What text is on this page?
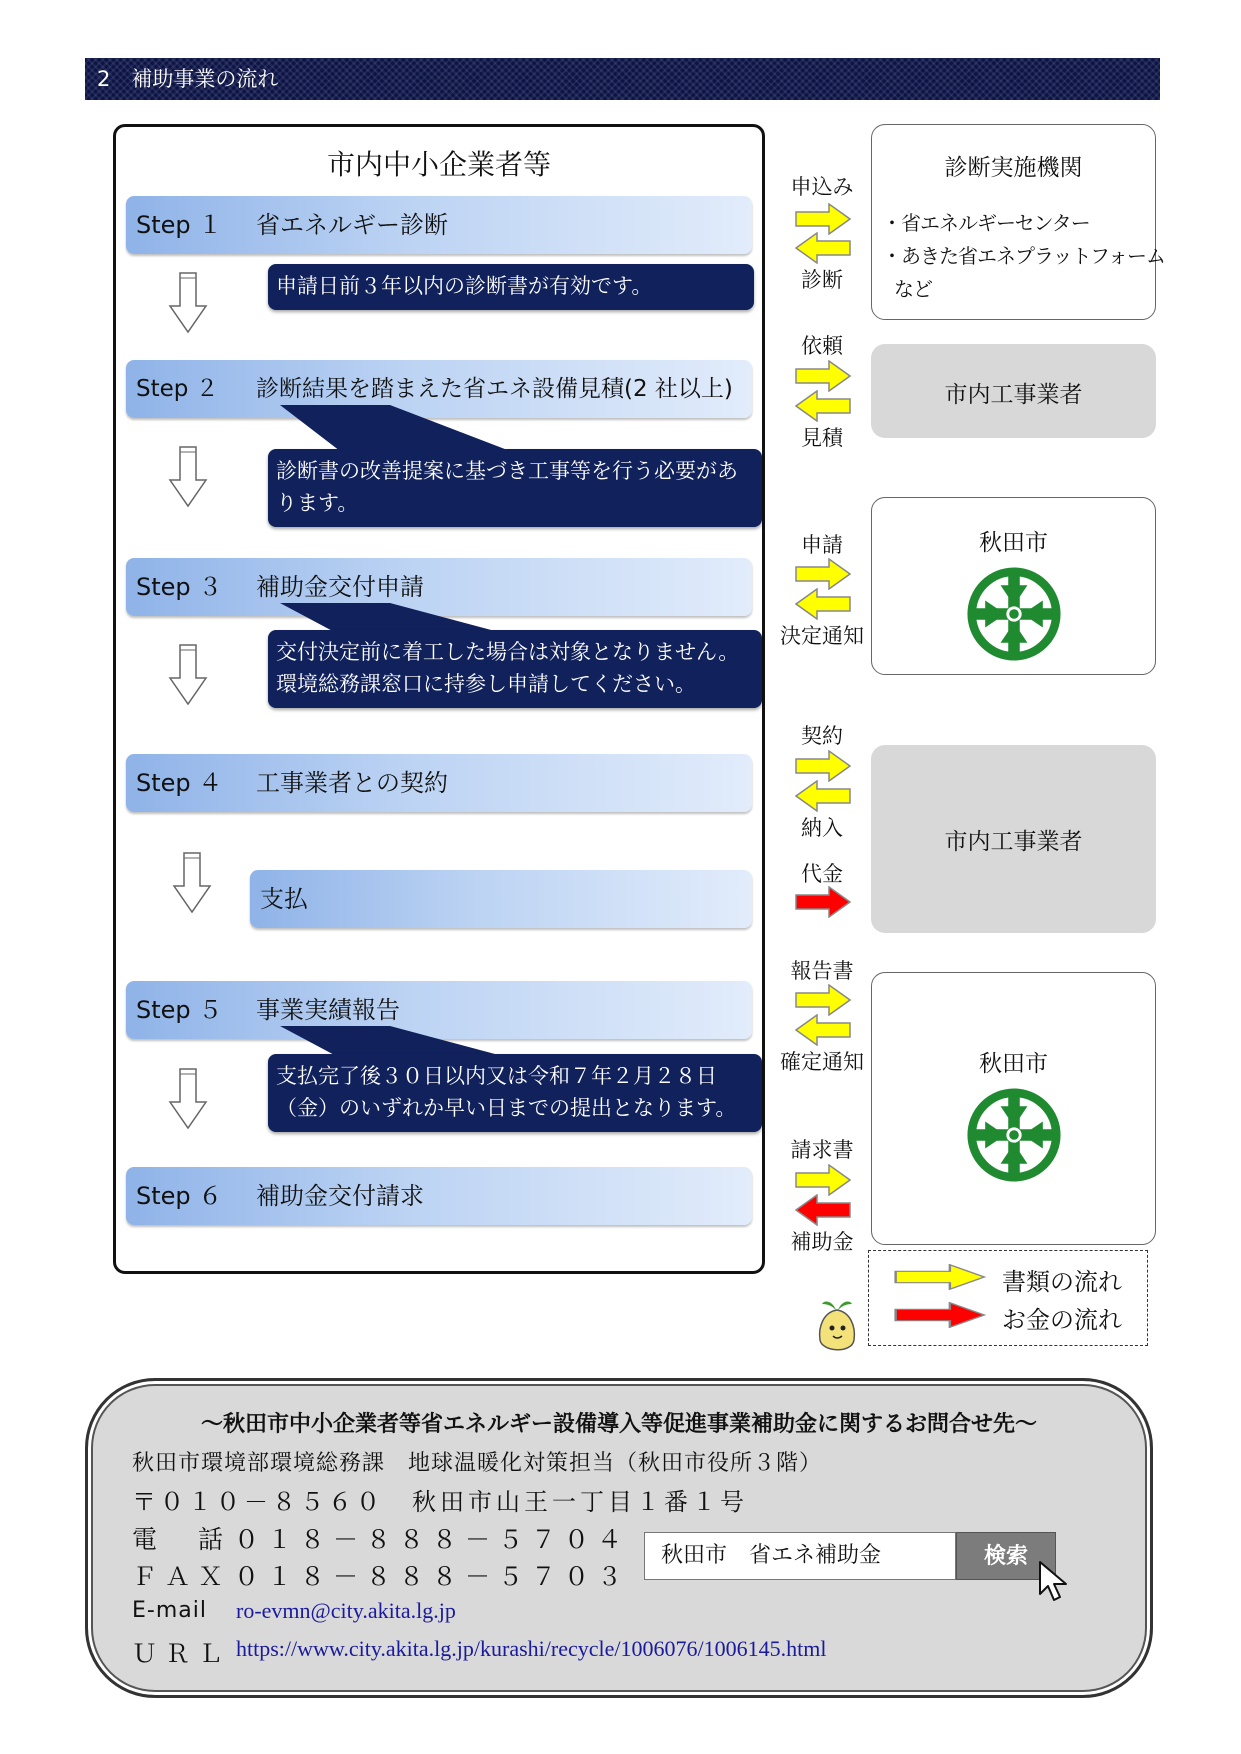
2　補助事業の流れ
市内中小企業者等
Step １ 省エネルギー診断
申請日前３年以内の診断書が有効です。
Step ２ 診断結果を踏まえた省エネ設備見積(2 社以上)
診断書の改善提案に基づき工事等を行う必要があります。
Step ３ 補助金交付申請
交付決定前に着工した場合は対象となりません。環境総務課窓口に持参し申請してください。
Step ４ 工事業者との契約
支払
Step ５ 事業実績報告
支払完了後３０日以内又は令和７年２月２８日（金）のいずれか早い日までの提出となります。
Step ６ 補助金交付請求
申込み
診断
依頼
見積
申請
決定通知
契約
納入
代金
報告書
確定通知
請求書
補助金
診断実施機関
・省エネルギーセンター
・あきた省エネプラットフォーム
など
市内工事業者
秋田市
市内工事業者
秋田市
書類の流れ
お金の流れ
～秋田市中小企業者等省エネルギー設備導入等促進事業補助金に関するお問合せ先～
秋田市環境部環境総務課　地球温暖化対策担当（秋田市役所３階）
〒０１０－８５６０　秋田市山王一丁目１番１号
電　話 ０１８－８８８－５７０４
ＦＡＸ ０１８－８８８－５７０３
E-mail ro-evmn@city.akita.lg.jp
ＵＲＬ https://www.city.akita.lg.jp/kurashi/recycle/1006076/1006145.html
秋田市　省エネ補助金	検索
